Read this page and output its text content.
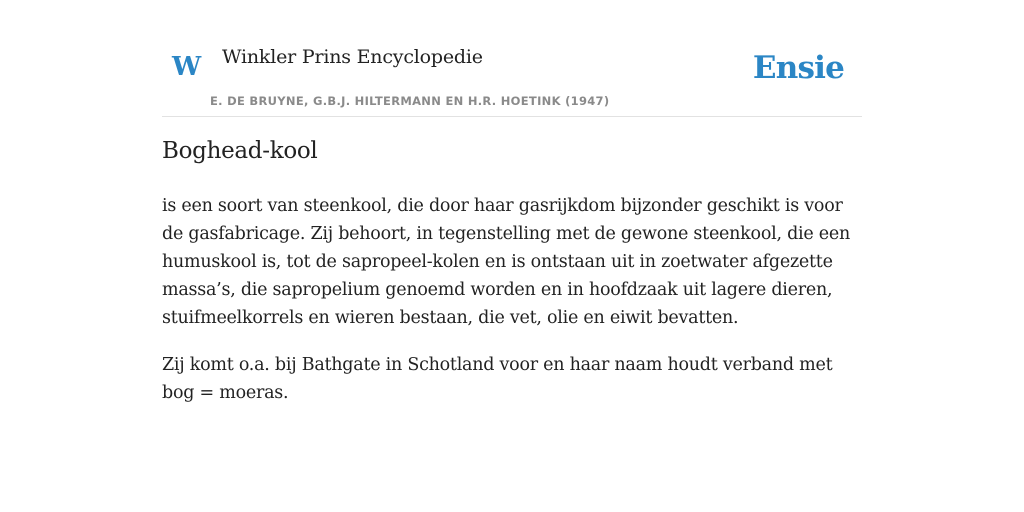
W Winkler Prins Encyclopedie
E. DE BRUYNE, G.B.J. HILTERMANN EN H.R. HOETINK (1947)
Ensie
Boghead-kool

is een soort van steenkool, die door haar gasrijkdom bijzonder geschikt is voor de gasfabricage. Zij behoort, in tegenstelling met de gewone steenkool, die een humuskool is, tot de sapropeel-kolen en is ontstaan uit in zoetwater afgezette massa’s, die sapropelium genoemd worden en in hoofdzaak uit lagere dieren, stuifmeelkorrels en wieren bestaan, die vet, olie en eiwit bevatten.

Zij komt o.a. bij Bathgate in Schotland voor en haar naam houdt verband met bog = moeras.
